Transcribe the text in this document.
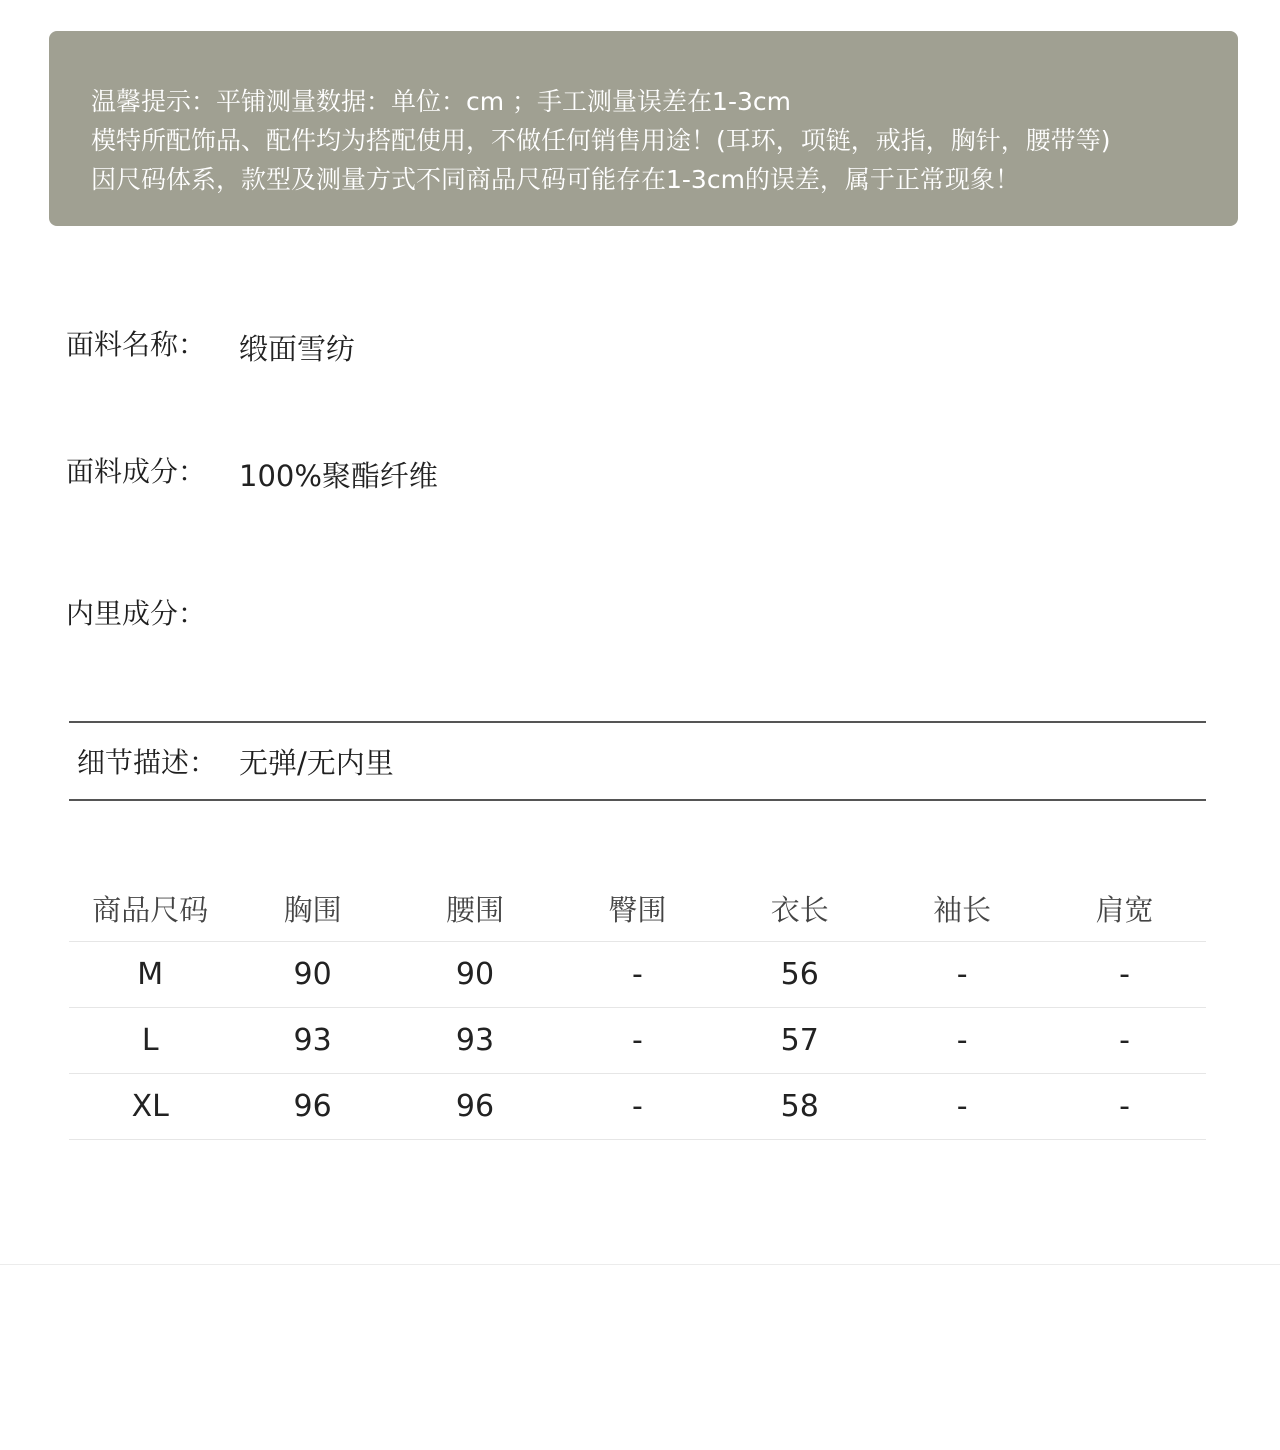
温馨提示：平铺测量数据：单位：cm ；手工测量误差在1-3cm
模特所配饰品、配件均为搭配使用，不做任何销售用途！(耳环，项链，戒指，胸针，腰带等)
因尺码体系，款型及测量方式不同商品尺码可能存在1-3cm的误差，属于正常现象！
面料名称：	缎面雪纺
面料成分：	100%聚酯纤维
内里成分：
细节描述： 无弹/无内里
商品尺码	胸围	腰围	臀围	衣长	袖长	肩宽
M	90	90	-	56	-	-
L	93	93	-	57	-	-
XL	96	96	-	58	-	-
